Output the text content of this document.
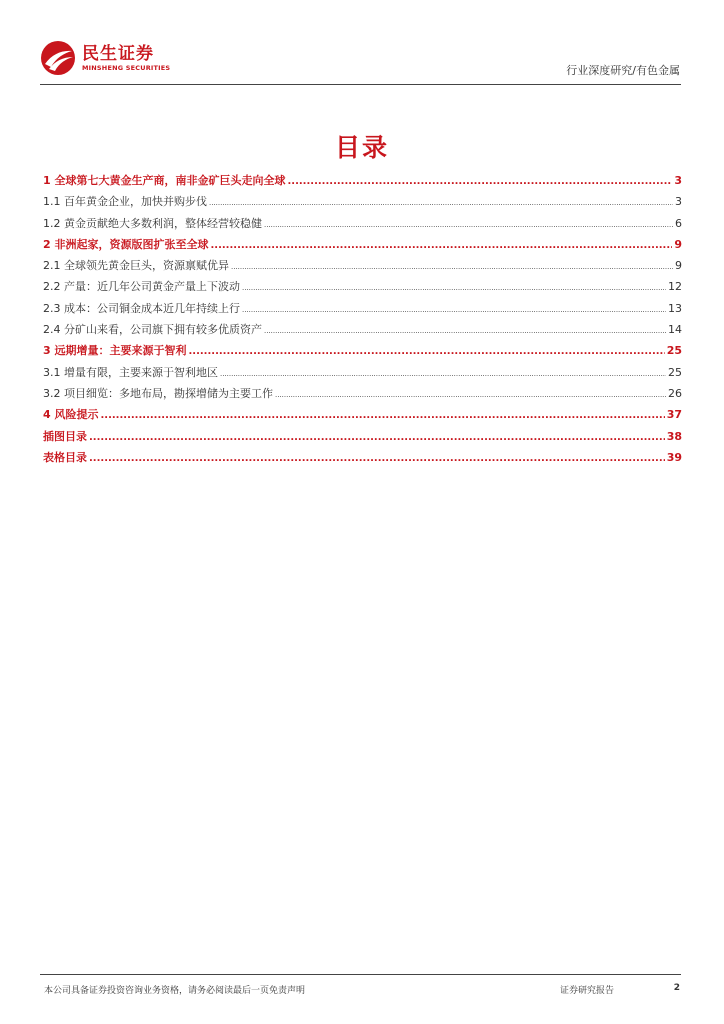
民生证券
MINSHENG SECURITIES	行业深度研究/有色金属
目录
1 全球第七大黄金生产商，南非金矿巨头走向全球 .....	3
1.1 百年黄金企业，加快并购步伐 .....	3
1.2 黄金贡献绝大多数利润，整体经营较稳健 .....	6
2 非洲起家，资源版图扩张至全球 .....	9
2.1 全球领先黄金巨头，资源禀赋优异 .....	9
2.2 产量：近几年公司黄金产量上下波动 .....	12
2.3 成本：公司铜金成本近几年持续上行 .....	13
2.4 分矿山来看，公司旗下拥有较多优质资产 .....	14
3 远期增量：主要来源于智利 .....	25
3.1 增量有限，主要来源于智利地区 .....	25
3.2 项目细览：多地布局，勘探增储为主要工作 .....	26
4 风险提示 .....	37
插图目录 .....	38
表格目录 .....	39
本公司具备证券投资咨询业务资格，请务必阅读最后一页免责声明	证券研究报告	2
